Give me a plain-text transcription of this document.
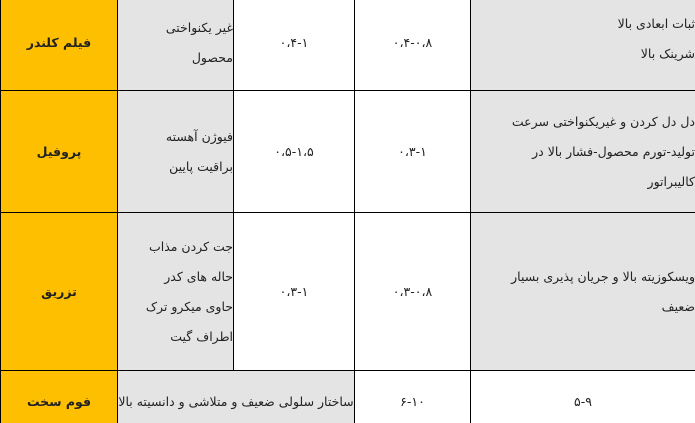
ثبات ابعادی بالا
شرینک بالا	۰،۴-۰،۸	۰،۴-۱	غیر یکنواختی
محصول	فیلم کلندر

دل دل کردن و غیریکنواختی سرعت
تولید-تورم محصول-فشار بالا در
کالیبراتور	۰،۳-۱	۰،۵-۱،۵	فیوژن آهسته
براقیت پایین	پروفیل

ویسکوزیته بالا و جریان پذیری بسیار
ضعیف	۰،۳-۰،۸	۰،۳-۱	جت کردن مذاب
حاله های کدر
حاوی میکرو ترک
اطراف گیت	تزریق
۵-۹	۶-۱۰	ساختار سلولی ضعیف و متلاشی و دانسیته بالا		فوم سخت
